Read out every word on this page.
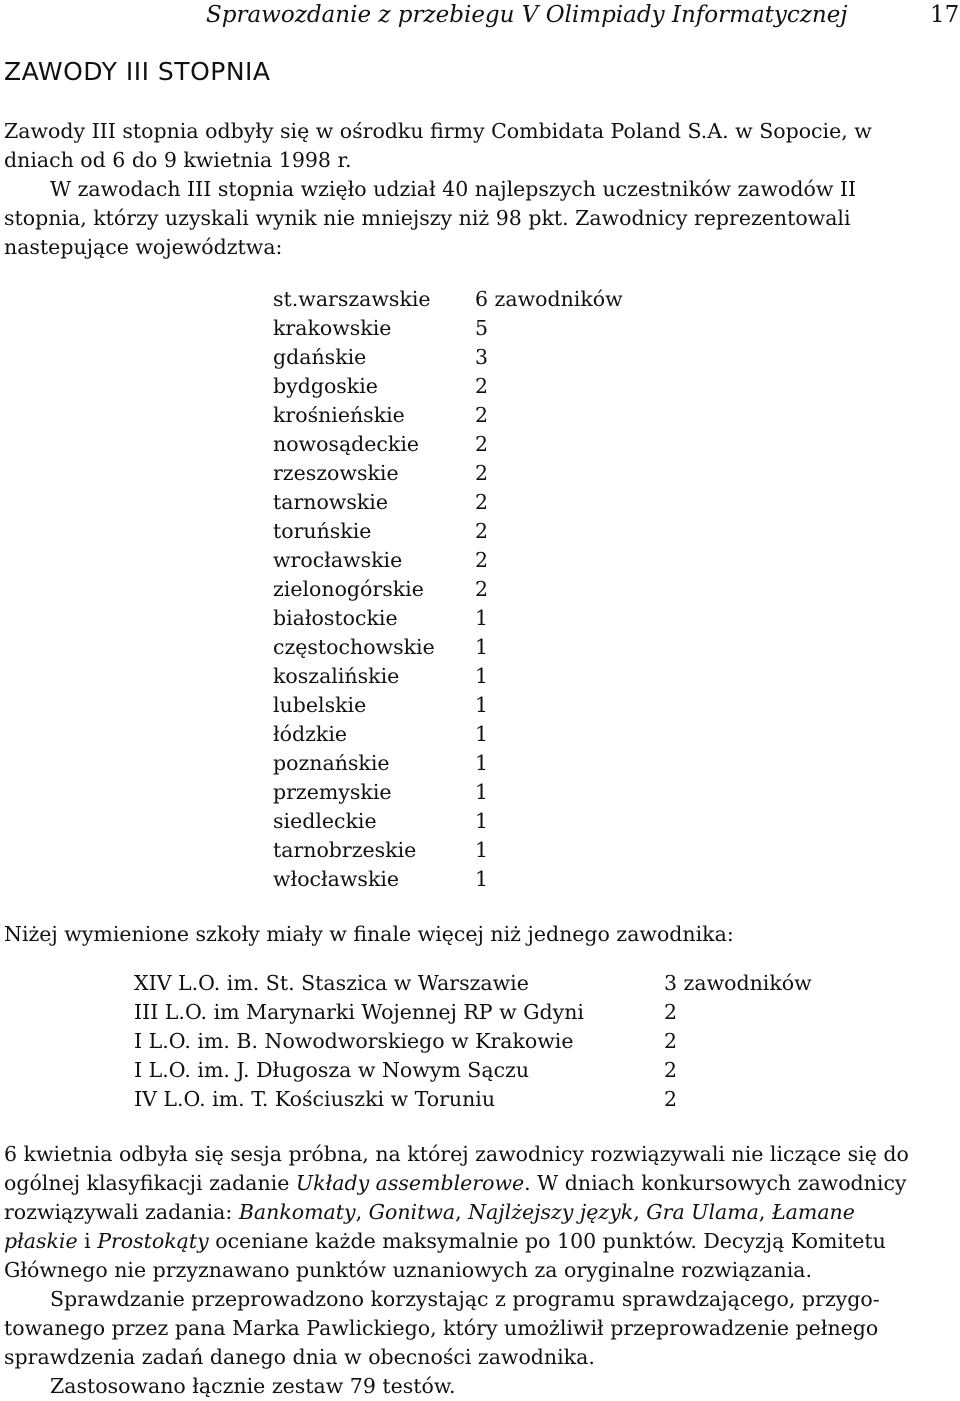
Sprawozdanie z przebiegu V Olimpiady Informatycznej	17
ZAWODY III STOPNIA
Zawody III stopnia odbyły się w ośrodku firmy Combidata Poland S.A. w Sopocie, w
dniach od 6 do 9 kwietnia 1998 r.
W zawodach III stopnia wzięło udział 40 najlepszych uczestników zawodów II
stopnia, którzy uzyskali wynik nie mniejszy niż 98 pkt. Zawodnicy reprezentowali
nastepujące województwa:
st.warszawskie	6 zawodników
krakowskie	5
gdańskie	3
bydgoskie	2
krośnieńskie	2
nowosądeckie	2
rzeszowskie	2
tarnowskie	2
toruńskie	2
wrocławskie	2
zielonogórskie	2
białostockie	1
częstochowskie	1
koszalińskie	1
lubelskie	1
łódzkie	1
poznańskie	1
przemyskie	1
siedleckie	1
tarnobrzeskie	1
włocławskie	1
Niżej wymienione szkoły miały w finale więcej niż jednego zawodnika:
XIV L.O. im. St. Staszica w Warszawie	3 zawodników
III L.O. im Marynarki Wojennej RP w Gdyni	2
I L.O. im. B. Nowodworskiego w Krakowie	2
I L.O. im. J. Długosza w Nowym Sączu	2
IV L.O. im. T. Kościuszki w Toruniu	2
6 kwietnia odbyła się sesja próbna, na której zawodnicy rozwiązywali nie liczące się do
ogólnej klasyfikacji zadanie Układy assemblerowe. W dniach konkursowych zawodnicy
rozwiązywali zadania: Bankomaty, Gonitwa, Najlżejszy język, Gra Ulama, Łamane
płaskie i Prostokąty oceniane każde maksymalnie po 100 punktów. Decyzją Komitetu
Głównego nie przyznawano punktów uznaniowych za oryginalne rozwiązania.
Sprawdzanie przeprowadzono korzystając z programu sprawdzającego, przygo-
towanego przez pana Marka Pawlickiego, który umożliwił przeprowadzenie pełnego
sprawdzenia zadań danego dnia w obecności zawodnika.
Zastosowano łącznie zestaw 79 testów.
